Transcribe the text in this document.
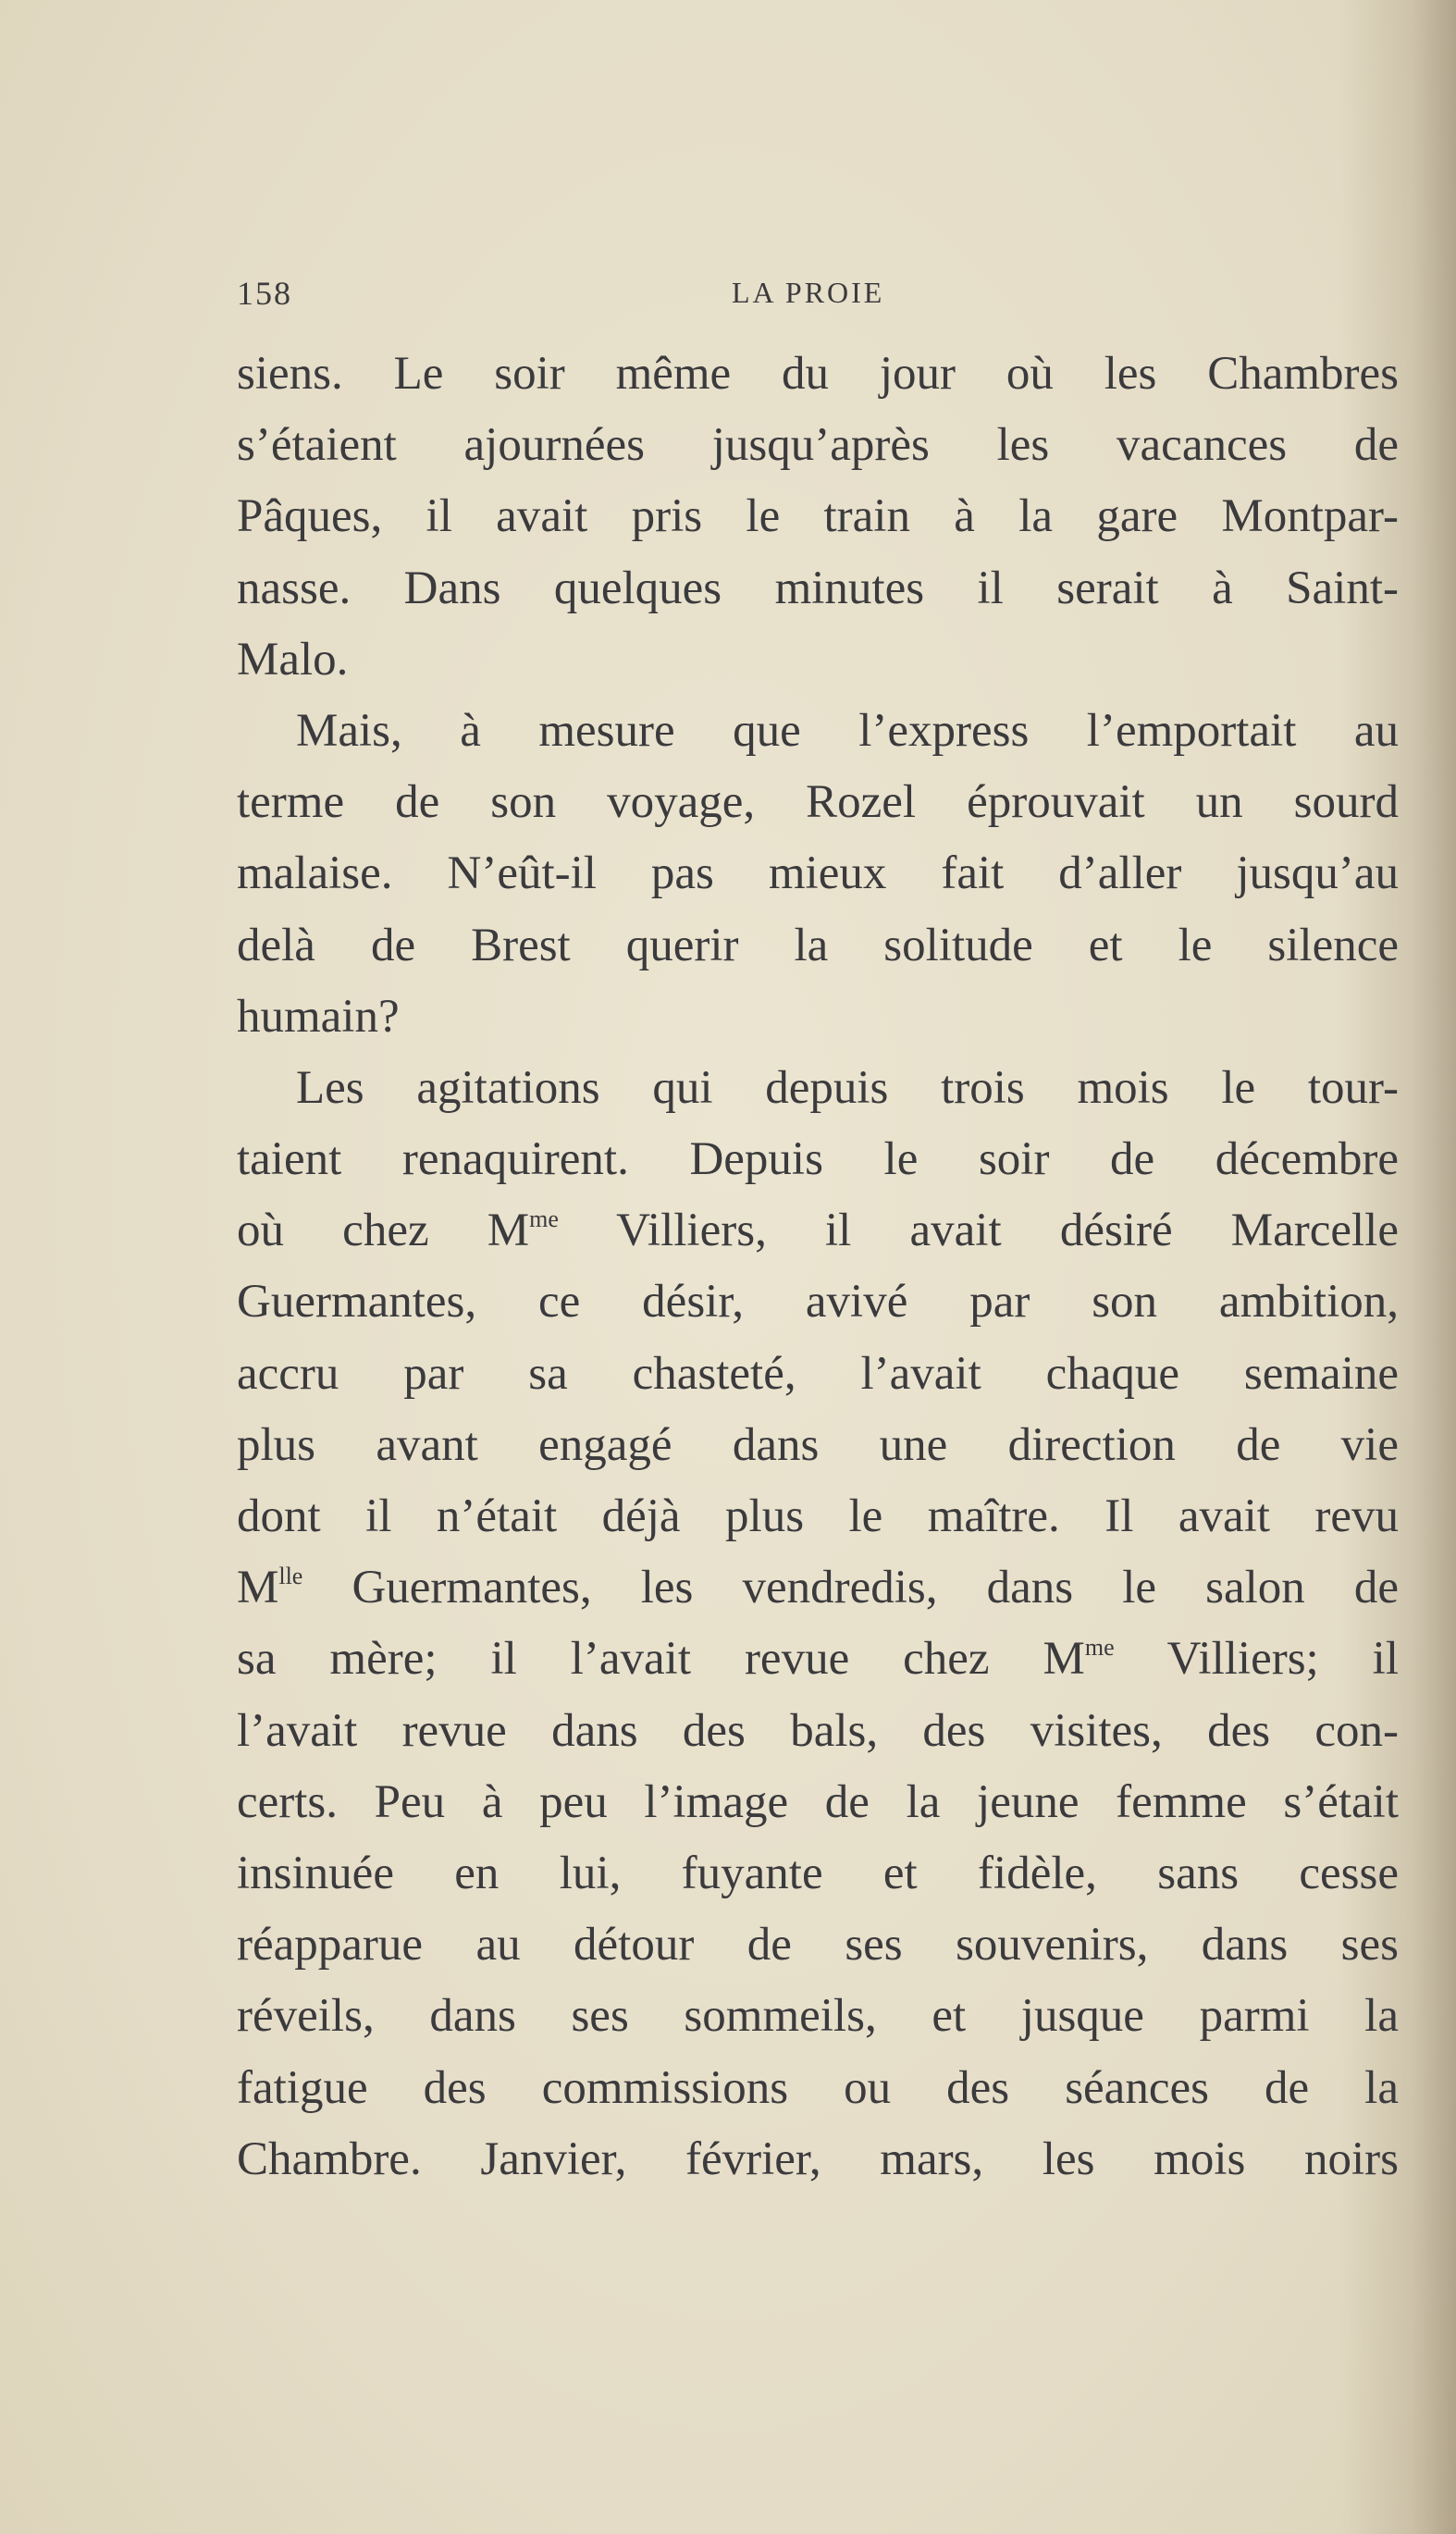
158	LA PROIE
siens. Le soir même du jour où les Chambres
s’étaient ajournées jusqu’après les vacances de
Pâques, il avait pris le train à la gare Montpar-
nasse. Dans quelques minutes il serait à Saint-
Malo.
Mais, à mesure que l’express l’emportait au
terme de son voyage, Rozel éprouvait un sourd
malaise. N’eût-il pas mieux fait d’aller jusqu’au
delà de Brest querir la solitude et le silence
humain?
Les agitations qui depuis trois mois le tour-
taient renaquirent. Depuis le soir de décembre
où chez $M^{me}$ Villiers, il avait désiré Marcelle
Guermantes, ce désir, avivé par son ambition,
accru par sa chasteté, l’avait chaque semaine
plus avant engagé dans une direction de vie
dont il n’était déjà plus le maître. Il avait revu
$M^{lle}$ Guermantes, les vendredis, dans le salon de
sa mère; il l’avait revue chez $M^{me}$ Villiers; il
l’avait revue dans des bals, des visites, des con-
certs. Peu à peu l’image de la jeune femme s’était
insinuée en lui, fuyante et fidèle, sans cesse
réapparue au détour de ses souvenirs, dans ses
réveils, dans ses sommeils, et jusque parmi la
fatigue des commissions ou des séances de la
Chambre. Janvier, février, mars, les mois noirs
